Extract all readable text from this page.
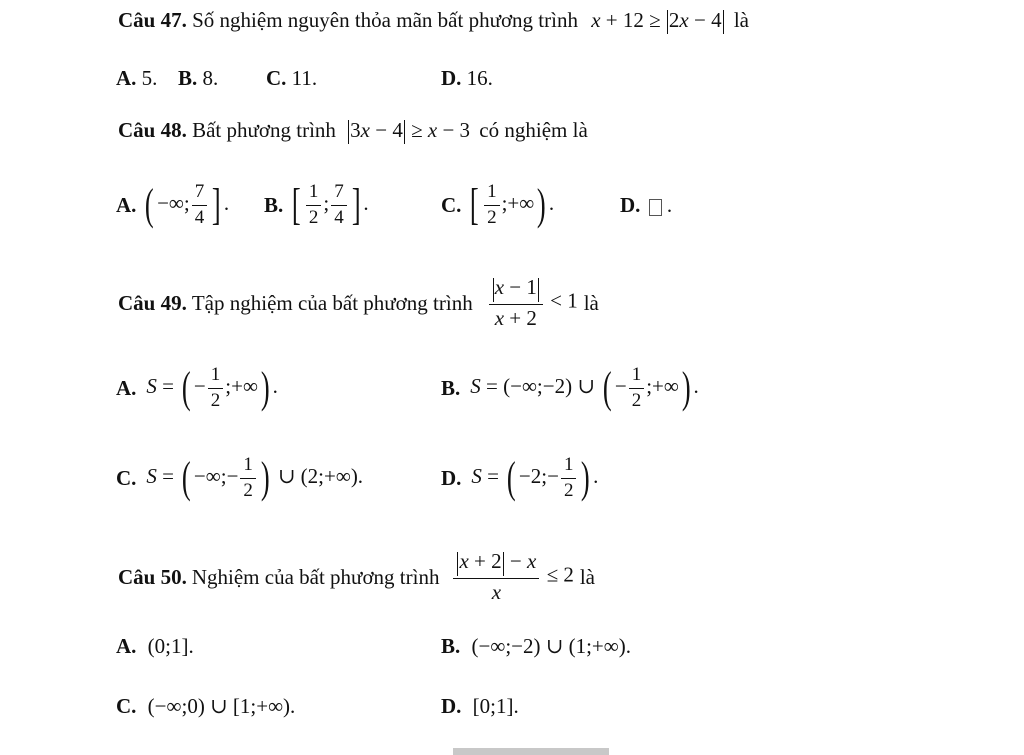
Câu 47. Số nghiệm nguyên thỏa mãn bất phương trình x + 12 ≥ 2x − 4 là
A. 5. B. 8. C. 11.	D. 16.
Câu 48. Bất phương trình 3x − 4 ≥ x − 3 có nghiệm là
A. ( −∞; $\frac{7}{4}$ ] . B. [ $\frac{1}{2}$ ; $\frac{7}{4}$ ] .	C. [ $\frac{1}{2}$ ;+∞) .	D.  .
Câu 49. Tập nghiệm của bất phương trình $\frac{x - 1}{x + 2} < 1$ là
A. S = ( − $\frac{1}{2}$ ;+∞) .	B. S = (−∞;−2) ∪ ( − $\frac{1}{2}$ ;+∞) .
C. S = ( −∞;− $\frac{1}{2}$ ) ∪ (2;+∞).	D. S = ( −2;− $\frac{1}{2}$ ) .
Câu 50. Nghiệm của bất phương trình $\frac{x + 2 - x}{x} \le 2$ là
A. (0;1].	B. (−∞;−2) ∪ (1;+∞).
C. (−∞;0) ∪ [1;+∞).	D. [0;1].
